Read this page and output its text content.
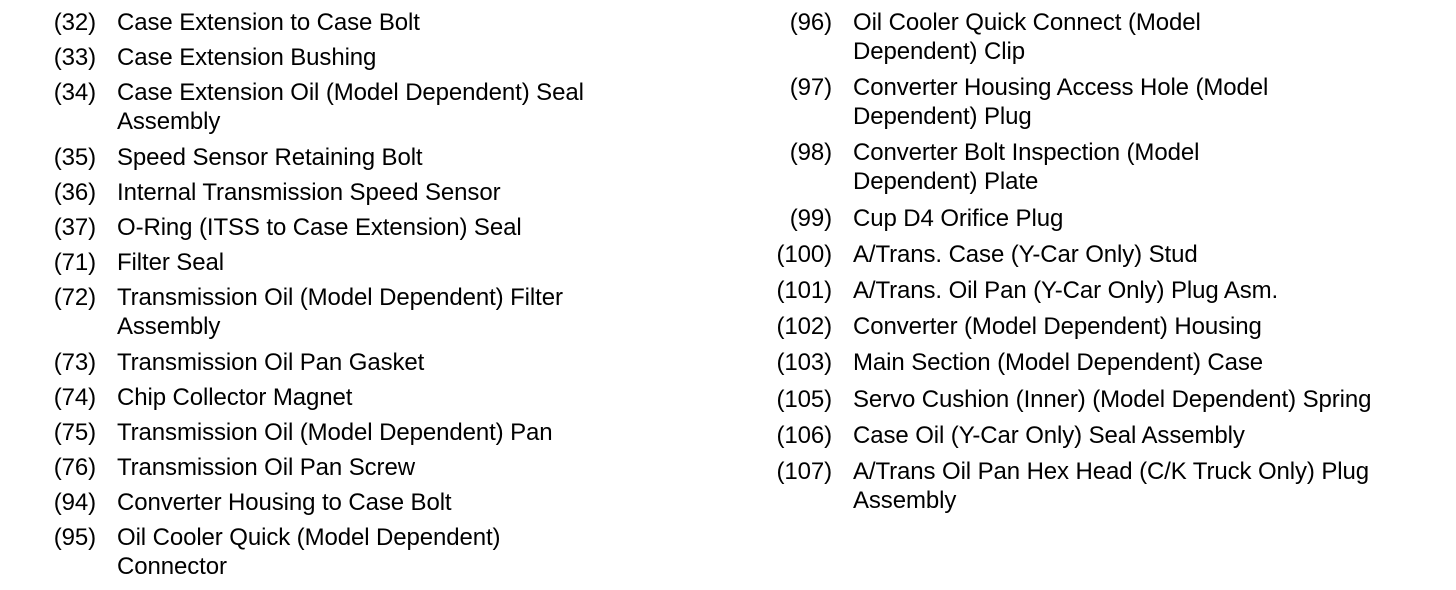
(32) Case Extension to Case Bolt
(33) Case Extension Bushing
(34) Case Extension Oil (Model Dependent) Seal Assembly
(35) Speed Sensor Retaining Bolt
(36) Internal Transmission Speed Sensor
(37) O-Ring (ITSS to Case Extension) Seal
(71) Filter Seal
(72) Transmission Oil (Model Dependent) Filter Assembly
(73) Transmission Oil Pan Gasket
(74) Chip Collector Magnet
(75) Transmission Oil (Model Dependent) Pan
(76) Transmission Oil Pan Screw
(94) Converter Housing to Case Bolt
(95) Oil Cooler Quick (Model Dependent) Connector
(96) Oil Cooler Quick Connect (Model Dependent) Clip
(97) Converter Housing Access Hole (Model Dependent) Plug
(98) Converter Bolt Inspection (Model Dependent) Plate
(99) Cup D4 Orifice Plug
(100) A/Trans. Case (Y-Car Only) Stud
(101) A/Trans. Oil Pan (Y-Car Only) Plug Asm.
(102) Converter (Model Dependent) Housing
(103) Main Section (Model Dependent) Case
(105) Servo Cushion (Inner) (Model Dependent) Spring
(106) Case Oil (Y-Car Only) Seal Assembly
(107) A/Trans Oil Pan Hex Head (C/K Truck Only) Plug Assembly
